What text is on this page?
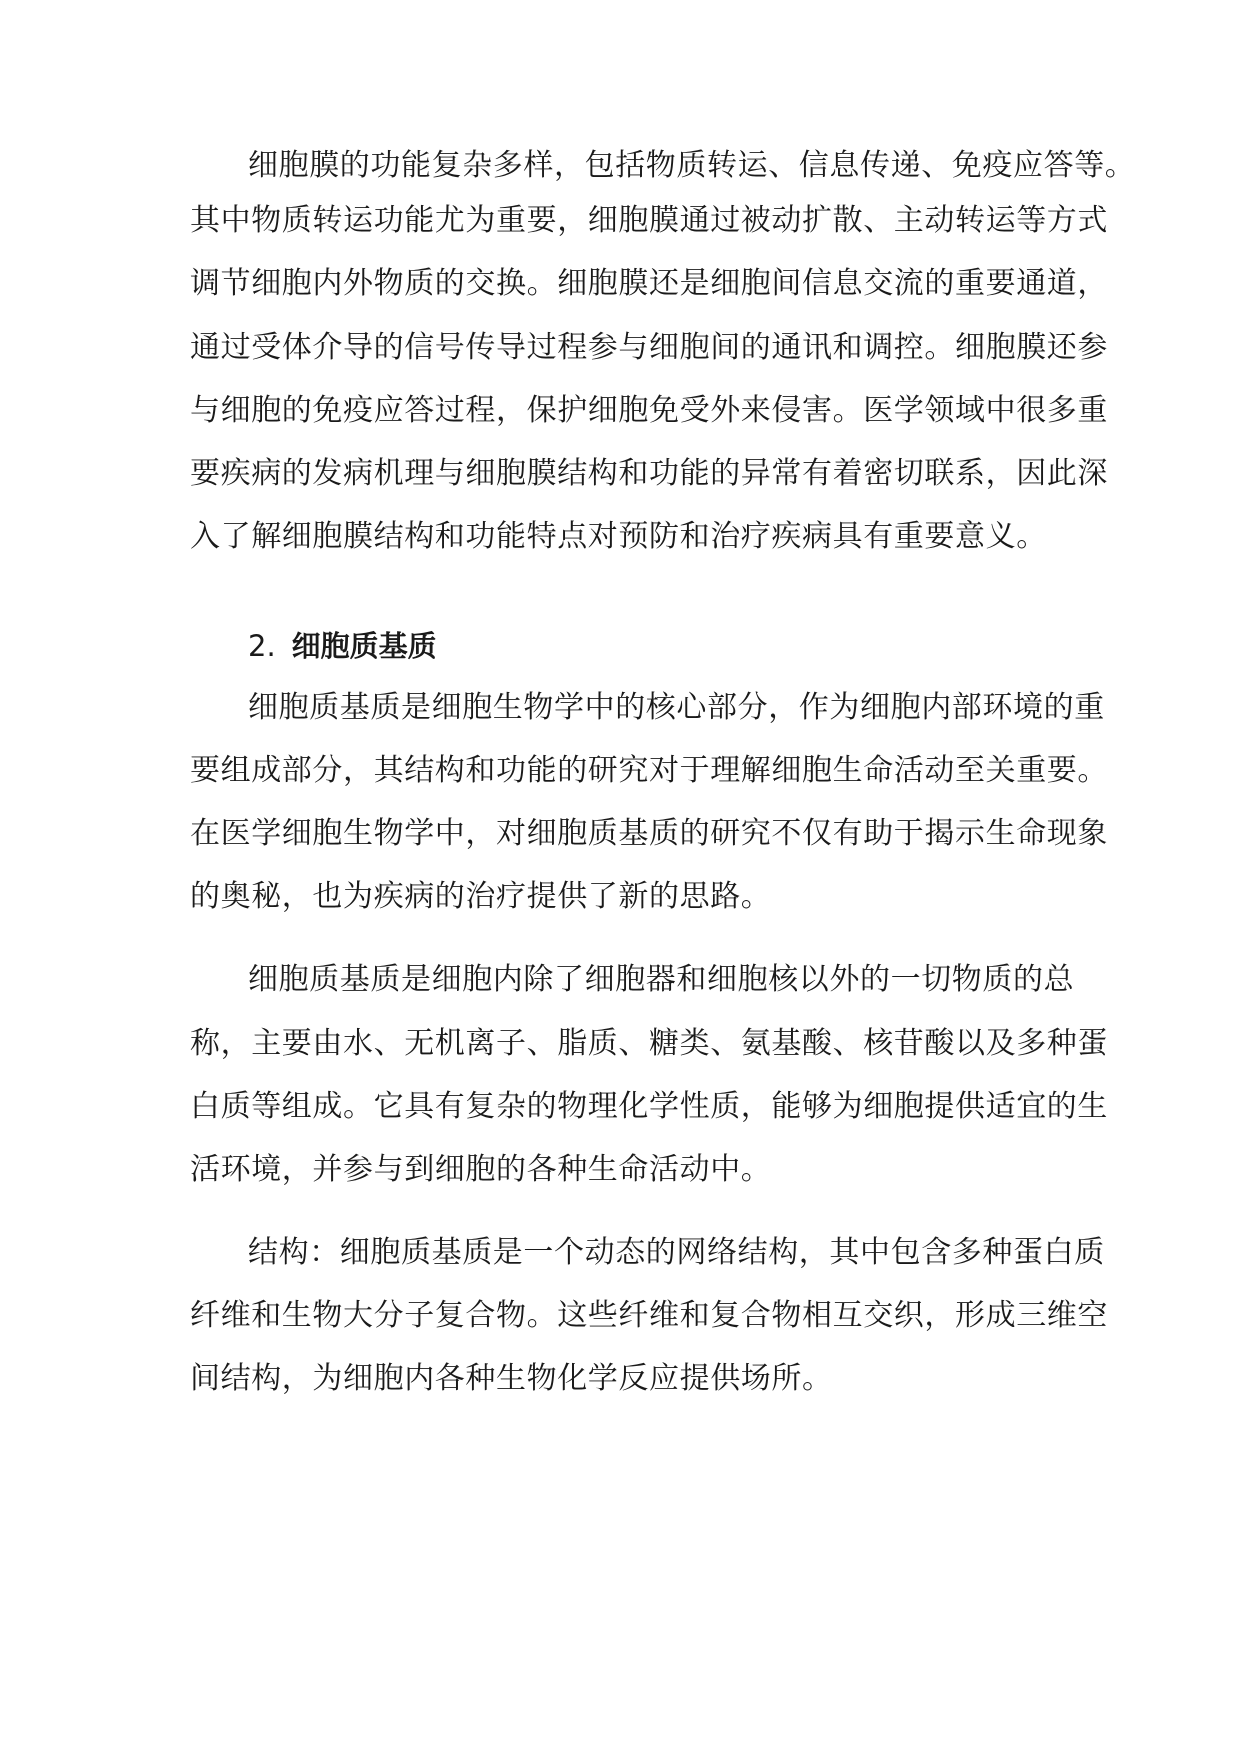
细胞膜的功能复杂多样，包括物质转运、信息传递、免疫应答等。

其中物质转运功能尤为重要，细胞膜通过被动扩散、主动转运等方式

调节细胞内外物质的交换。细胞膜还是细胞间信息交流的重要通道，

通过受体介导的信号传导过程参与细胞间的通讯和调控。细胞膜还参

与细胞的免疫应答过程，保护细胞免受外来侵害。医学领域中很多重

要疾病的发病机理与细胞膜结构和功能的异常有着密切联系，因此深

入了解细胞膜结构和功能特点对预防和治疗疾病具有重要意义。

2. 细胞质基质

细胞质基质是细胞生物学中的核心部分，作为细胞内部环境的重

要组成部分，其结构和功能的研究对于理解细胞生命活动至关重要。

在医学细胞生物学中，对细胞质基质的研究不仅有助于揭示生命现象

的奥秘，也为疾病的治疗提供了新的思路。

细胞质基质是细胞内除了细胞器和细胞核以外的一切物质的总

称，主要由水、无机离子、脂质、糖类、氨基酸、核苷酸以及多种蛋

白质等组成。它具有复杂的物理化学性质，能够为细胞提供适宜的生

活环境，并参与到细胞的各种生命活动中。

结构：细胞质基质是一个动态的网络结构，其中包含多种蛋白质

纤维和生物大分子复合物。这些纤维和复合物相互交织，形成三维空

间结构，为细胞内各种生物化学反应提供场所。
